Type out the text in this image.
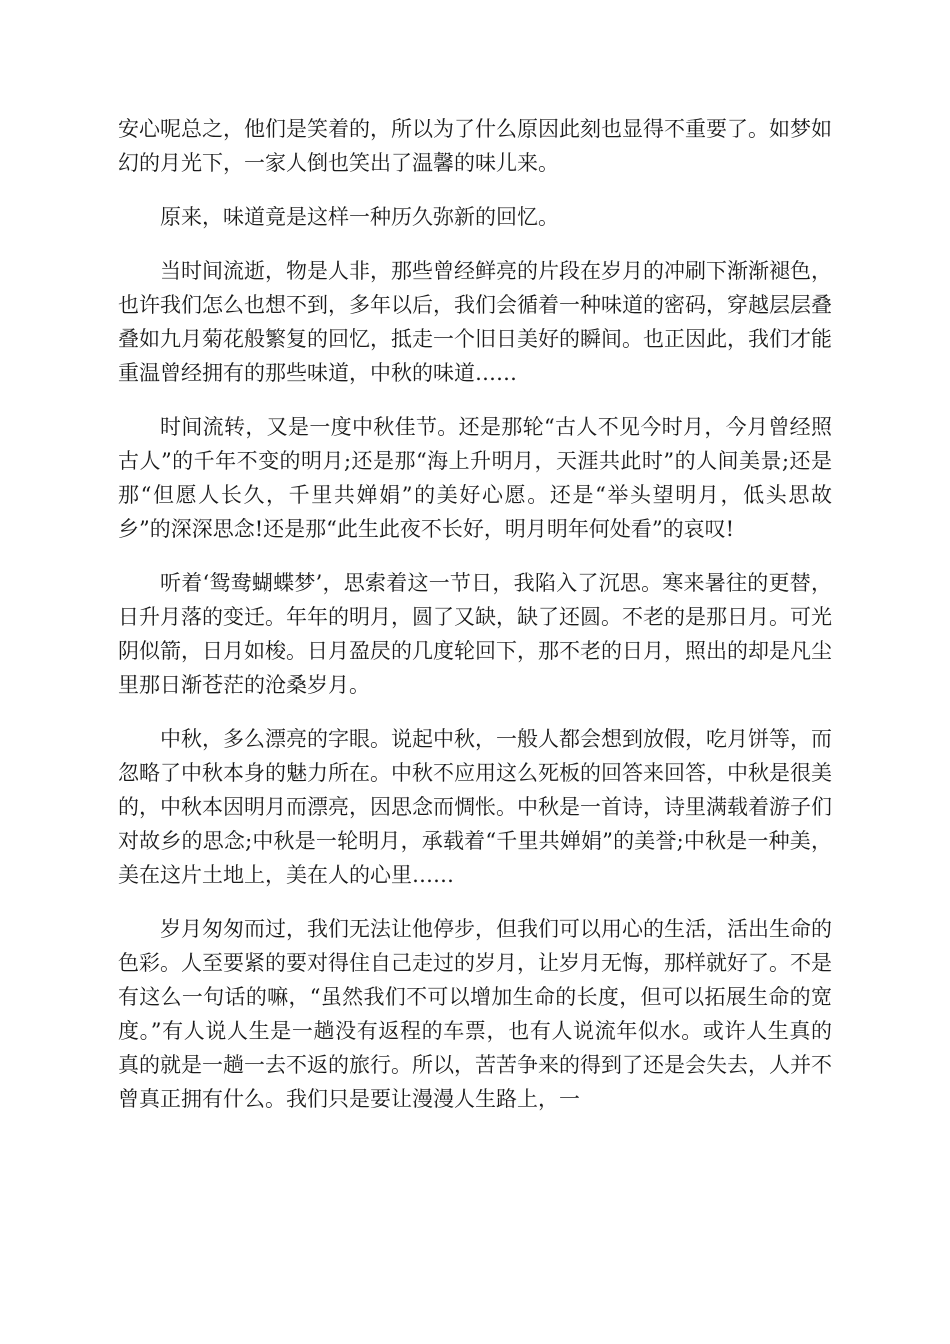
安心呢总之，他们是笑着的，所以为了什么原因此刻也显得不重要了。如梦如幻的月光下，一家人倒也笑出了温馨的味儿来。

原来，味道竟是这样一种历久弥新的回忆。

当时间流逝，物是人非，那些曾经鲜亮的片段在岁月的冲刷下渐渐褪色，也许我们怎么也想不到，多年以后，我们会循着一种味道的密码，穿越层层叠叠如九月菊花般繁复的回忆，抵走一个旧日美好的瞬间。也正因此，我们才能重温曾经拥有的那些味道，中秋的味道……

时间流转，又是一度中秋佳节。还是那轮“古人不见今时月，今月曾经照古人”的千年不变的明月;还是那“海上升明月，天涯共此时”的人间美景;还是那“但愿人长久，千里共婵娟”的美好心愿。还是“举头望明月，低头思故乡”的深深思念!还是那“此生此夜不长好，明月明年何处看”的哀叹!

听着‘鸳鸯蝴蝶梦’，思索着这一节日，我陷入了沉思。寒来暑往的更替，日升月落的变迁。年年的明月，圆了又缺，缺了还圆。不老的是那日月。可光阴似箭，日月如梭。日月盈昃的几度轮回下，那不老的日月，照出的却是凡尘里那日渐苍茫的沧桑岁月。

中秋，多么漂亮的字眼。说起中秋，一般人都会想到放假，吃月饼等，而忽略了中秋本身的魅力所在。中秋不应用这么死板的回答来回答，中秋是很美的，中秋本因明月而漂亮，因思念而惆怅。中秋是一首诗，诗里满载着游子们对故乡的思念;中秋是一轮明月，承载着“千里共婵娟”的美誉;中秋是一种美，美在这片土地上，美在人的心里……

岁月匆匆而过，我们无法让他停步，但我们可以用心的生活，活出生命的色彩。人至要紧的要对得住自己走过的岁月，让岁月无悔，那样就好了。不是有这么一句话的嘛，“虽然我们不可以增加生命的长度，但可以拓展生命的宽度。”有人说人生是一趟没有返程的车票，也有人说流年似水。或许人生真的真的就是一趟一去不返的旅行。所以，苦苦争来的得到了还是会失去，人并不曾真正拥有什么。我们只是要让漫漫人生路上，一
